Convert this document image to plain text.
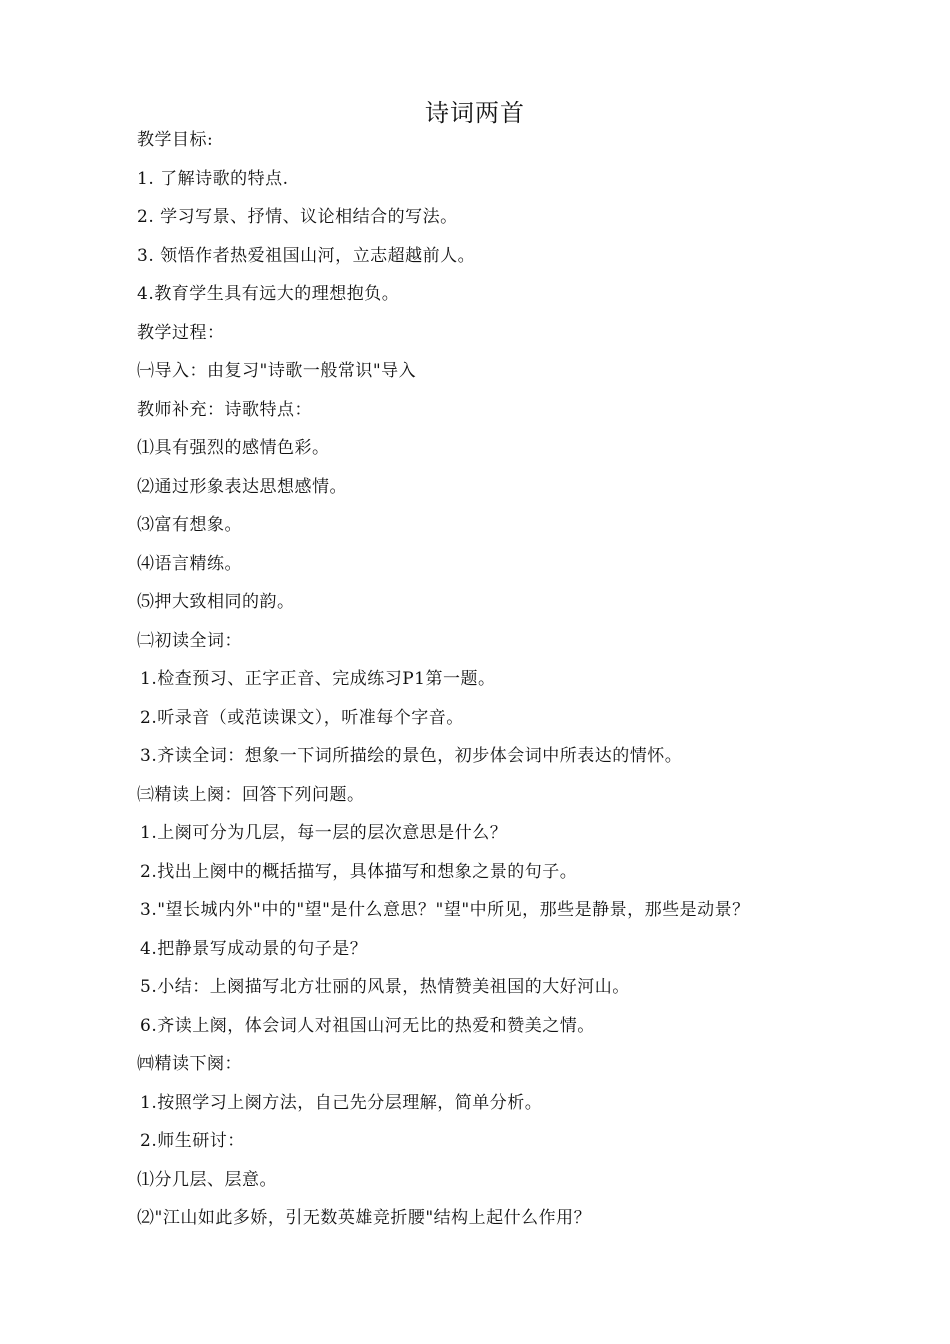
诗词两首
教学目标:
1. 了解诗歌的特点.
2. 学习写景、抒情、议论相结合的写法。
3. 领悟作者热爱祖国山河，立志超越前人。
4.教育学生具有远大的理想抱负。
教学过程：
㈠导入：由复习"诗歌一般常识"导入
教师补充：诗歌特点：
⑴具有强烈的感情色彩。
⑵通过形象表达思想感情。
⑶富有想象。
⑷语言精练。
⑸押大致相同的韵。
㈡初读全词：
1.检查预习、正字正音、完成练习P1第一题。
2.听录音（或范读课文），听准每个字音。
3.齐读全词：想象一下词所描绘的景色，初步体会词中所表达的情怀。
㈢精读上阕：回答下列问题。
1.上阕可分为几层，每一层的层次意思是什么？
2.找出上阕中的概括描写，具体描写和想象之景的句子。
3."望长城内外"中的"望"是什么意思？"望"中所见，那些是静景，那些是动景？
4.把静景写成动景的句子是？
5.小结：上阕描写北方壮丽的风景，热情赞美祖国的大好河山。
6.齐读上阕，体会词人对祖国山河无比的热爱和赞美之情。
㈣精读下阕：
1.按照学习上阕方法，自己先分层理解，简单分析。
2.师生研讨：
⑴分几层、层意。
⑵"江山如此多娇，引无数英雄竞折腰"结构上起什么作用？
